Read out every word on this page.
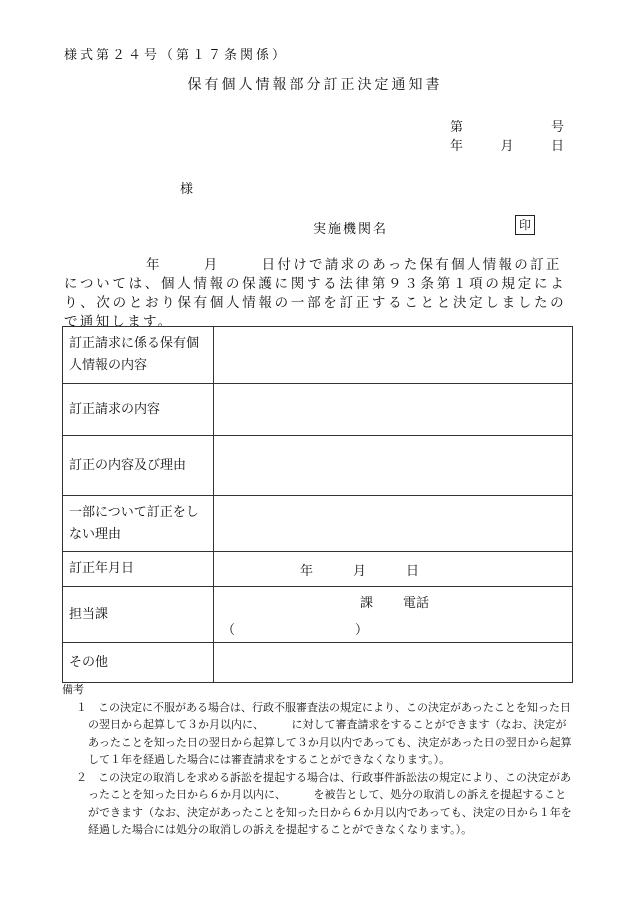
様式第２４号（第１７条関係）
保有個人情報部分訂正決定通知書
第	号
年	月	日
様
実施機関名	印
年	月	日付けで請求のあった保有個人情報の訂正
については、個人情報の保護に関する法律第９３条第１項の規定により、次のとおり保有個人情報の一部を訂正することと決定しましたので通知します。
訂正請求に係る保有個人情報の内容	
訂正請求の内容	
訂正の内容及び理由	
一部について訂正をしない理由	
訂正年月日	年 月 日

担当課	課 電話
（ ）

その他	
備考
１　この決定に不服がある場合は、行政不服審査法の規定により、この決定があったことを知った日の翌日から起算して３か月以内に、　　　に対して審査請求をすることができます（なお、決定があったことを知った日の翌日から起算して３か月以内であっても、決定があった日の翌日から起算して１年を経過した場合には審査請求をすることができなくなります。）。
２　この決定の取消しを求める訴訟を提起する場合は、行政事件訴訟法の規定により、この決定があったことを知った日から６か月以内に、　　　を被告として、処分の取消しの訴えを提起することができます（なお、決定があったことを知った日から６か月以内であっても、決定の日から１年を経過した場合には処分の取消しの訴えを提起することができなくなります。）。
